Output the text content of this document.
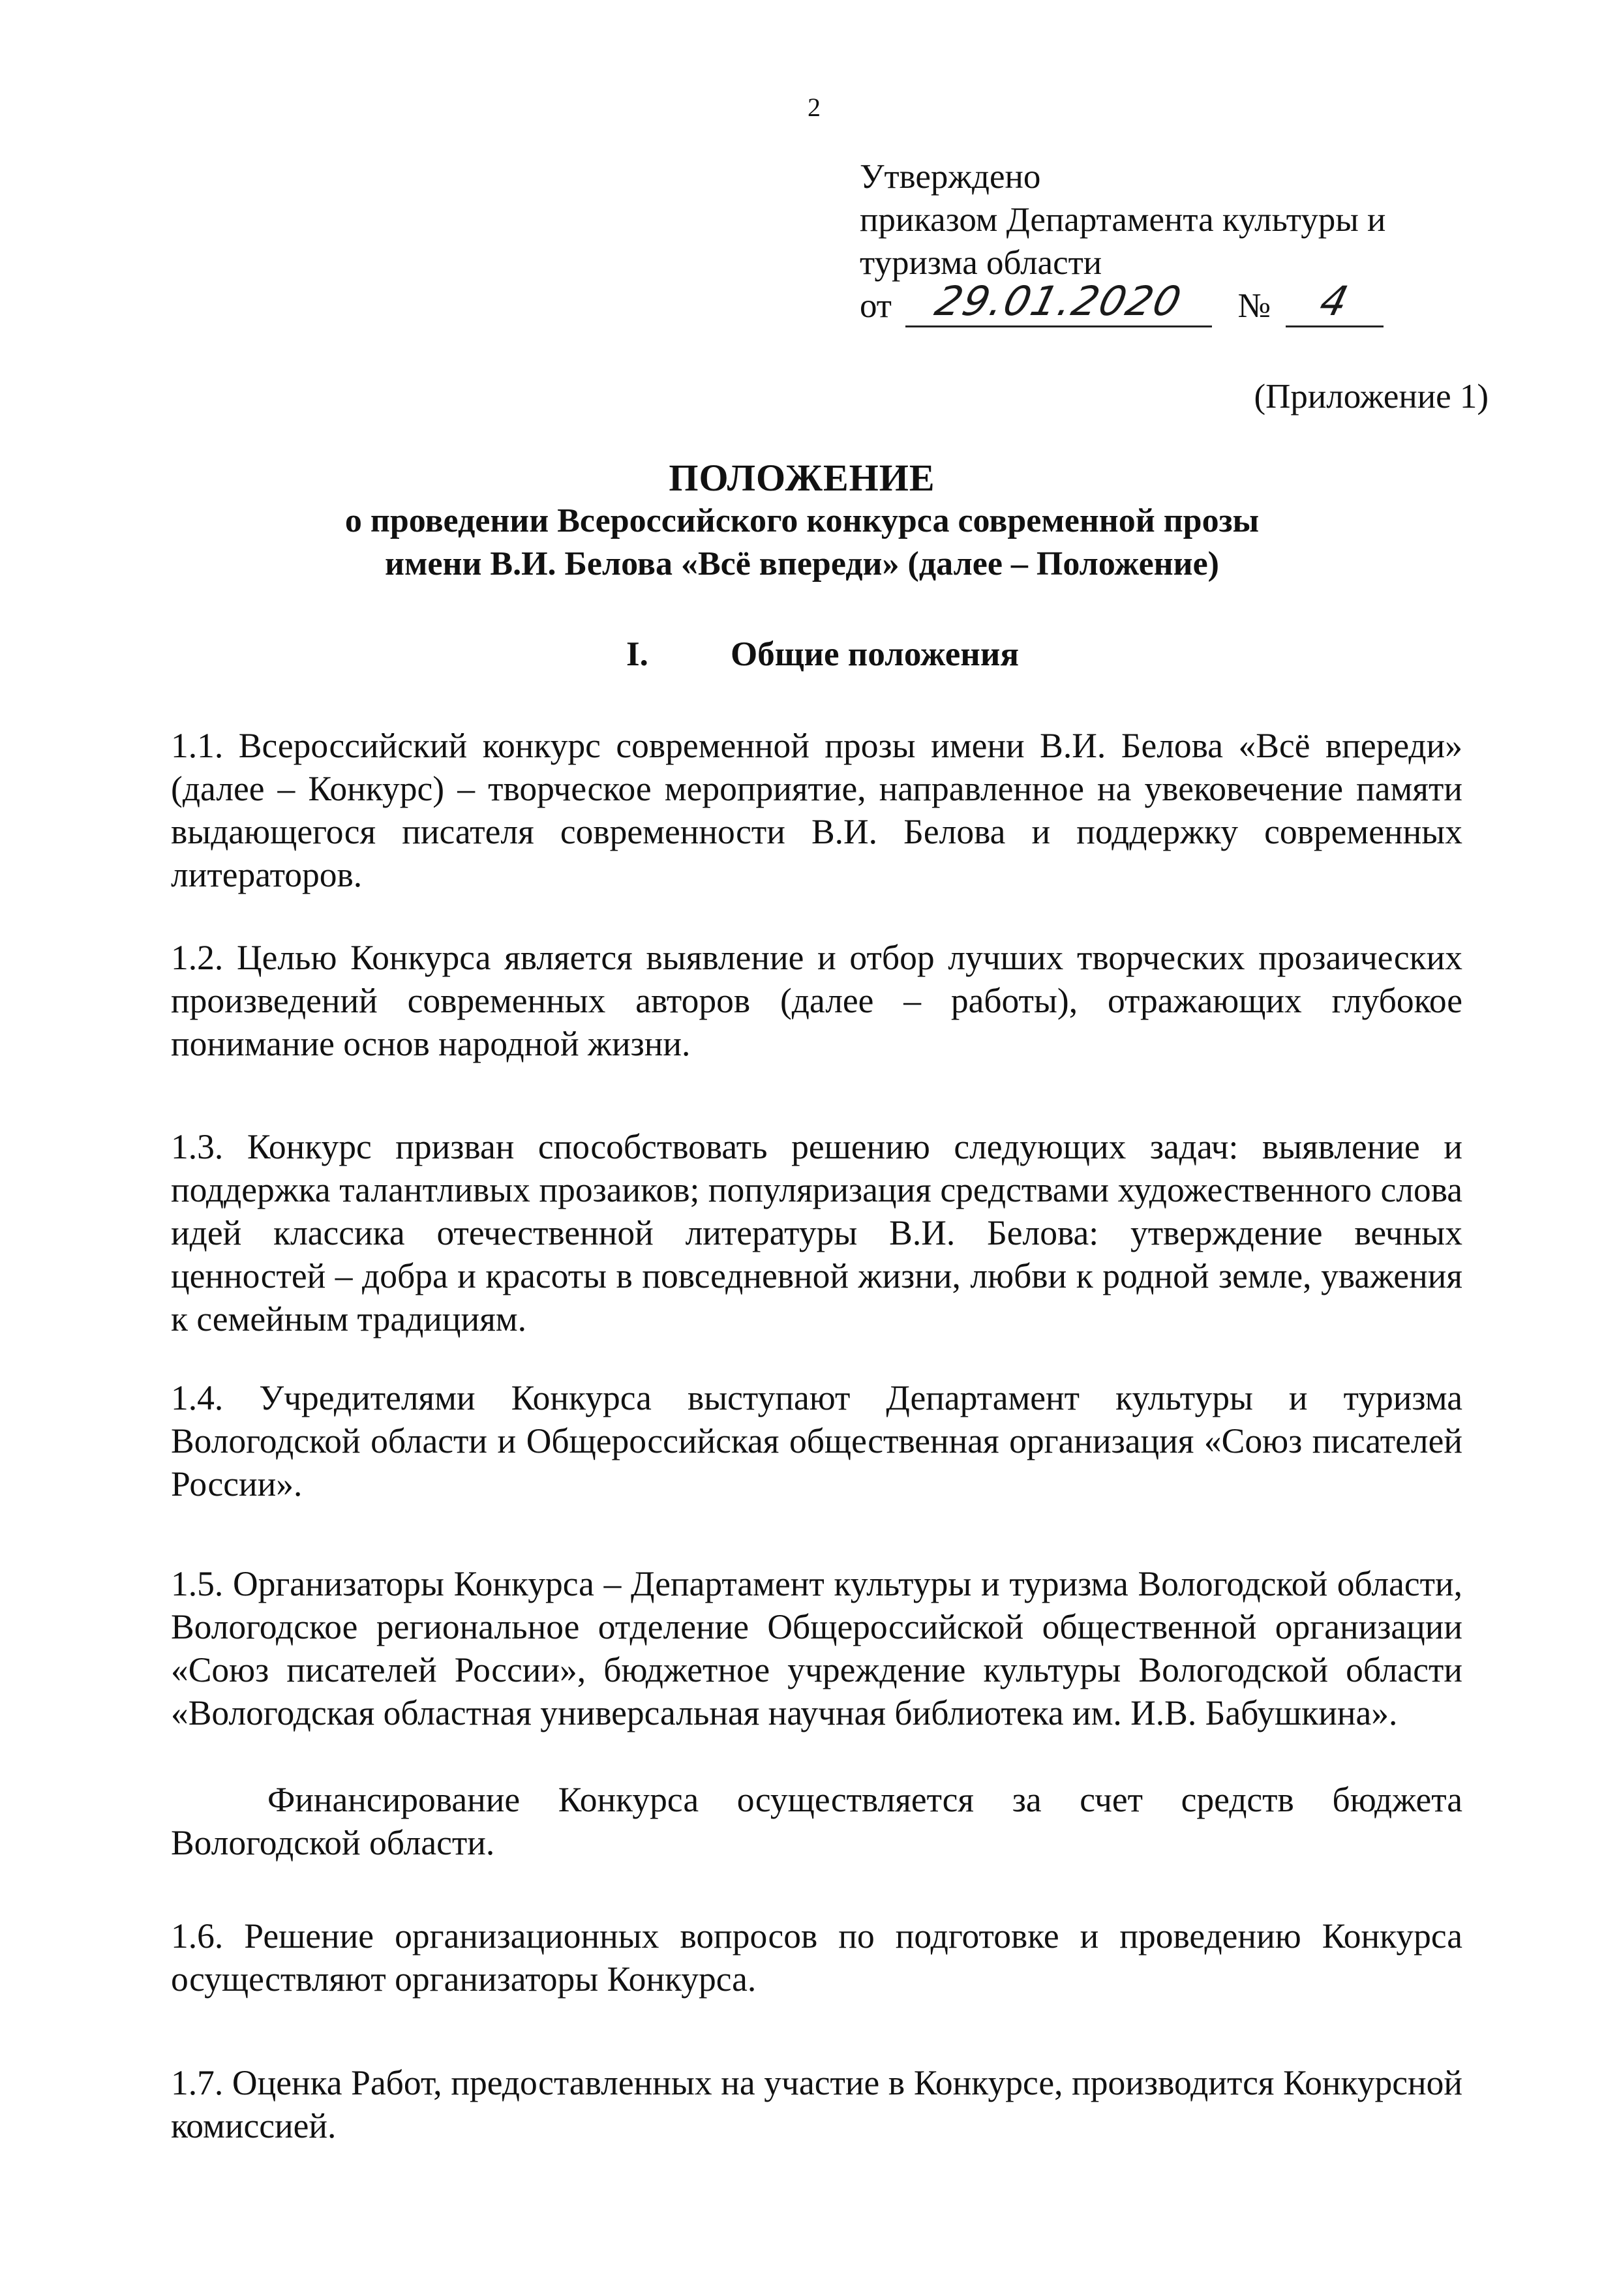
2
Утверждено
приказом Департамента культуры и
туризма области
от 29.01.2020	№	4
(Приложение 1)
ПОЛОЖЕНИЕ
о проведении Всероссийского конкурса современной прозы
имени В.И. Белова «Всё впереди» (далее – Положение)
I. Общие положения
1.1. Всероссийский конкурс современной прозы имени В.И. Белова «Всё впереди» (далее – Конкурс) – творческое мероприятие, направленное на увековечение памяти выдающегося писателя современности В.И. Белова и поддержку современных литераторов.
1.2. Целью Конкурса является выявление и отбор лучших творческих прозаических произведений современных авторов (далее – работы), отражающих глубокое понимание основ народной жизни.
1.3. Конкурс призван способствовать решению следующих задач: выявление и поддержка талантливых прозаиков; популяризация средствами художественного слова идей классика отечественной литературы В.И. Белова: утверждение вечных ценностей – добра и красоты в повседневной жизни, любви к родной земле, уважения к семейным традициям.
1.4. Учредителями Конкурса выступают Департамент культуры и туризма Вологодской области и Общероссийская общественная организация «Союз писателей России».
1.5. Организаторы Конкурса – Департамент культуры и туризма Вологодской области, Вологодское региональное отделение Общероссийской общественной организации «Союз писателей России», бюджетное учреждение культуры Вологодской области «Вологодская областная универсальная научная библиотека им. И.В. Бабушкина».
Финансирование Конкурса осуществляется за счет средств бюджета Вологодской области.
1.6. Решение организационных вопросов по подготовке и проведению Конкурса осуществляют организаторы Конкурса.
1.7. Оценка Работ, предоставленных на участие в Конкурсе, производится Конкурсной комиссией.
